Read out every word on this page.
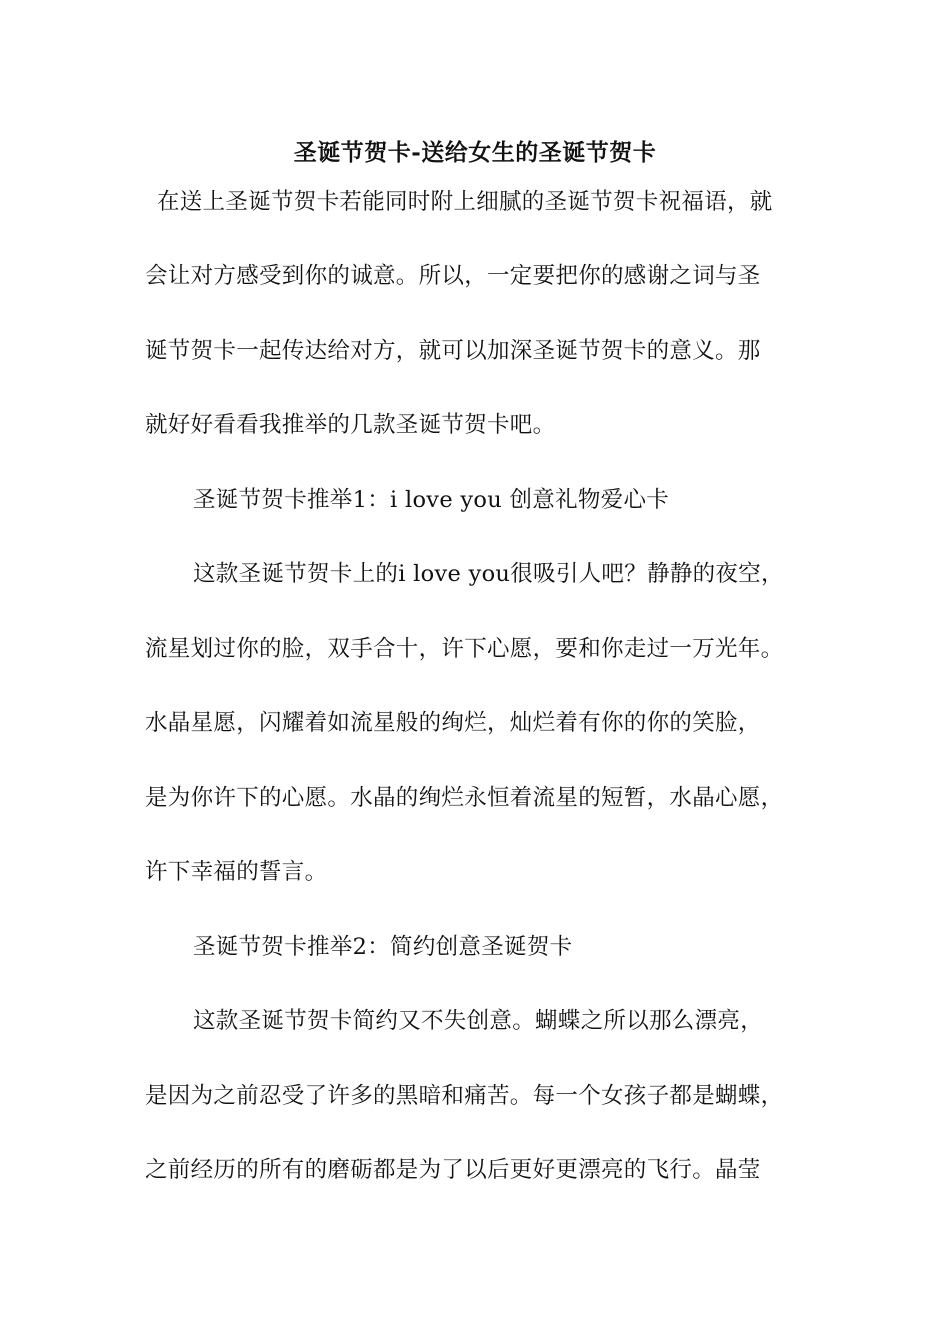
圣诞节贺卡-送给女生的圣诞节贺卡
在送上圣诞节贺卡若能同时附上细腻的圣诞节贺卡祝福语，就
会让对方感受到你的诚意。所以，一定要把你的感谢之词与圣
诞节贺卡一起传达给对方，就可以加深圣诞节贺卡的意义。那
就好好看看我推举的几款圣诞节贺卡吧。
圣诞节贺卡推举1：i love you 创意礼物爱心卡
这款圣诞节贺卡上的i love you很吸引人吧？静静的夜空，
流星划过你的脸，双手合十，许下心愿，要和你走过一万光年。
水晶星愿，闪耀着如流星般的绚烂，灿烂着有你的你的笑脸，
是为你许下的心愿。水晶的绚烂永恒着流星的短暂，水晶心愿，
许下幸福的誓言。
圣诞节贺卡推举2：简约创意圣诞贺卡
这款圣诞节贺卡简约又不失创意。蝴蝶之所以那么漂亮，
是因为之前忍受了许多的黑暗和痛苦。每一个女孩子都是蝴蝶，
之前经历的所有的磨砺都是为了以后更好更漂亮的飞行。晶莹
